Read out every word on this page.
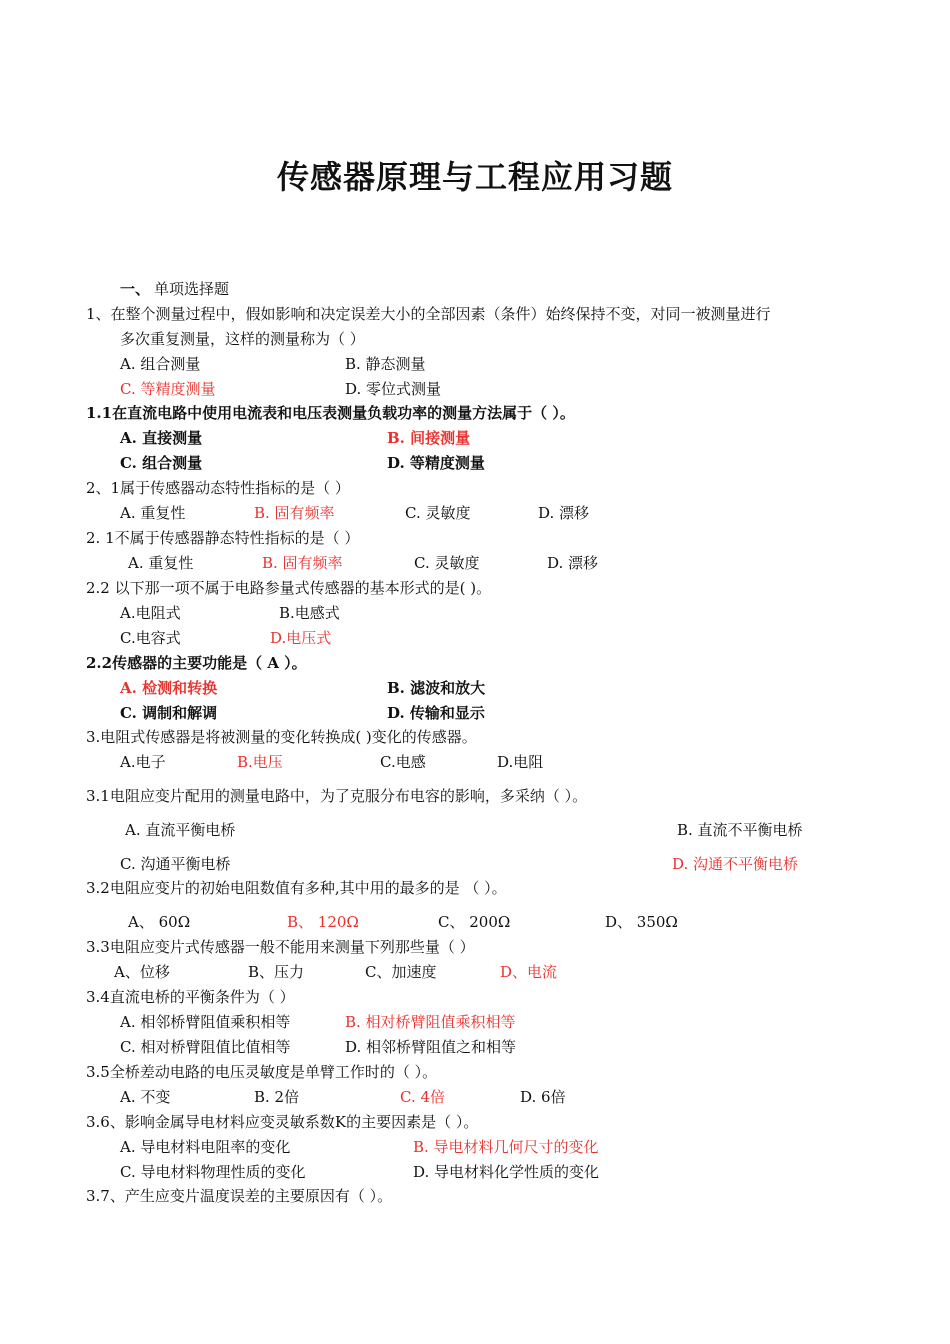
传感器原理与工程应用习题
一、 单项选择题
1、在整个测量过程中，假如影响和决定误差大小的全部因素（条件）始终保持不变，对同一被测量进行
多次重复测量，这样的测量称为（ ）
A. 组合测量	B. 静态测量
C. 等精度测量	D. 零位式测量
1.1在直流电路中使用电流表和电压表测量负载功率的测量方法属于（ ）。
A. 直接测量	B. 间接测量
C. 组合测量	D. 等精度测量
2、1属于传感器动态特性指标的是（ ）
A. 重复性	B. 固有频率	C. 灵敏度	D. 漂移
2. 1不属于传感器静态特性指标的是（ ）
A. 重复性	B. 固有频率	C. 灵敏度	D. 漂移
2.2 以下那一项不属于电路参量式传感器的基本形式的是( )。
A.电阻式	B.电感式
C.电容式	D.电压式
2.2传感器的主要功能是（ A ）。
A. 检测和转换	B. 滤波和放大
C. 调制和解调	D. 传输和显示
3.电阻式传感器是将被测量的变化转换成( )变化的传感器。
A.电子	B.电压	C.电感	D.电阻
3.1电阻应变片配用的测量电路中，为了克服分布电容的影响，多采纳（ ）。
A. 直流平衡电桥	B. 直流不平衡电桥
C. 沟通平衡电桥	D. 沟通不平衡电桥
3.2电阻应变片的初始电阻数值有多种,其中用的最多的是 （ ）。
A、 60Ω	B、 120Ω	C、 200Ω	D、 350Ω
3.3电阻应变片式传感器一般不能用来测量下列那些量（ ）
A、位移	B、压力	C、加速度	D、电流
3.4直流电桥的平衡条件为（ ）
A. 相邻桥臂阻值乘积相等	B. 相对桥臂阻值乘积相等
C. 相对桥臂阻值比值相等	D. 相邻桥臂阻值之和相等
3.5全桥差动电路的电压灵敏度是单臂工作时的（ ）。
A. 不变	B. 2倍	C. 4倍	D. 6倍
3.6、影响金属导电材料应变灵敏系数K的主要因素是（ ）。
A. 导电材料电阻率的变化	B. 导电材料几何尺寸的变化
C. 导电材料物理性质的变化	D. 导电材料化学性质的变化
3.7、产生应变片温度误差的主要原因有（ ）。
